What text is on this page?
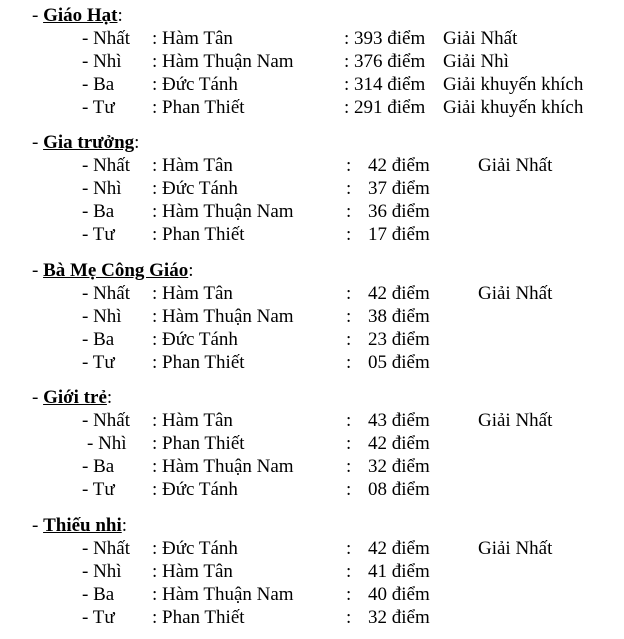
- Giáo Hạt:
- Nhất : Hàm Tân	: 393 điểm Giải Nhất
- Nhì : Hàm Thuận Nam	: 376 điểm Giải Nhì
- Ba : Đức Tánh	: 314 điểm Giải khuyến khích
- Tư : Phan Thiết	: 291 điểm Giải khuyến khích
- Gia trưởng:
- Nhất : Hàm Tân	: 42 điểm	Giải Nhất
- Nhì : Đức Tánh	: 37 điểm
- Ba : Hàm Thuận Nam	: 36 điểm
- Tư : Phan Thiết	: 17 điểm
- Bà Mẹ Công Giáo:
- Nhất : Hàm Tân	: 42 điểm	Giải Nhất
- Nhì : Hàm Thuận Nam	: 38 điểm
- Ba : Đức Tánh	: 23 điểm
- Tư : Phan Thiết	: 05 điểm
- Giới trẻ:
- Nhất : Hàm Tân	: 43 điểm	Giải Nhất
- Nhì : Phan Thiết	: 42 điểm
- Ba : Hàm Thuận Nam	: 32 điểm
- Tư : Đức Tánh	: 08 điểm
- Thiếu nhi:
- Nhất : Đức Tánh	: 42 điểm	Giải Nhất
- Nhì : Hàm Tân	: 41 điểm
- Ba : Hàm Thuận Nam	: 40 điểm
- Tư : Phan Thiết	: 32 điểm
